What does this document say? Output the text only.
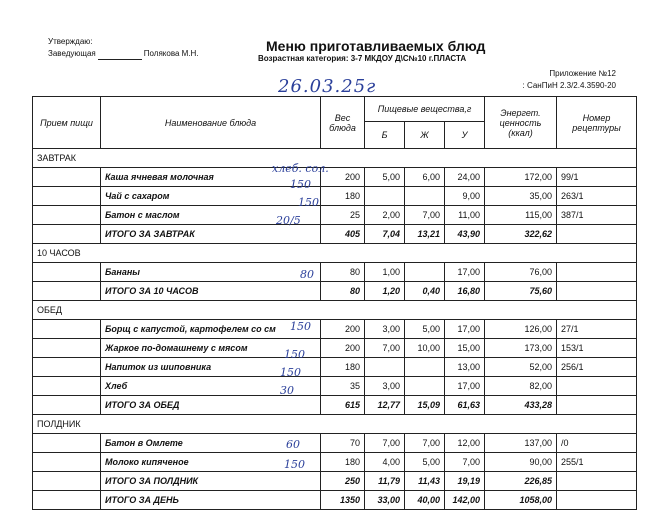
Утверждаю:
Заведующая	Полякова М.Н.	Меню приготавливаемых блюд
Возрастная категория: 3-7 МКДОУ Д\С№10 г.ПЛАСТА
Приложение №12
: СанПиН 2.3/2.4.3590-20
26.03.25г
Прием пищи	Наименование блюда	Вес блюда	Пищевые вещества,г			Энергет. ценность (ккал)	Номер рецептуры
			Б	Ж	У		
ЗАВТРАК							
	Каша ячневая молочная	200	5,00	6,00	24,00	172,00	99/1
	Чай с сахаром	180			9,00	35,00	263/1
	Батон с маслом	25	2,00	7,00	11,00	115,00	387/1
	ИТОГО ЗА ЗАВТРАК	405	7,04	13,21	43,90	322,62	
10 ЧАСОВ							
	Бананы	80	1,00		17,00	76,00	
	ИТОГО ЗА 10 ЧАСОВ	80	1,20	0,40	16,80	75,60	
ОБЕД							
	Борщ с капустой, картофелем со см	200	3,00	5,00	17,00	126,00	27/1
	Жаркое по-домашнему с мясом	200	7,00	10,00	15,00	173,00	153/1
	Напиток из шиповника	180			13,00	52,00	256/1
	Хлеб	35	3,00		17,00	82,00	
	ИТОГО ЗА ОБЕД	615	12,77	15,09	61,63	433,28	
ПОЛДНИК							
	Батон в Омлете	70	7,00	7,00	12,00	137,00	/0
	Молоко кипяченое	180	4,00	5,00	7,00	90,00	255/1
	ИТОГО ЗА ПОЛДНИК	250	11,79	11,43	19,19	226,85	
	ИТОГО ЗА ДЕНЬ	1350	33,00	40,00	142,00	1058,00	
хлеб. сол.
150
150
20/5
80
150
150
150
30
60
150
